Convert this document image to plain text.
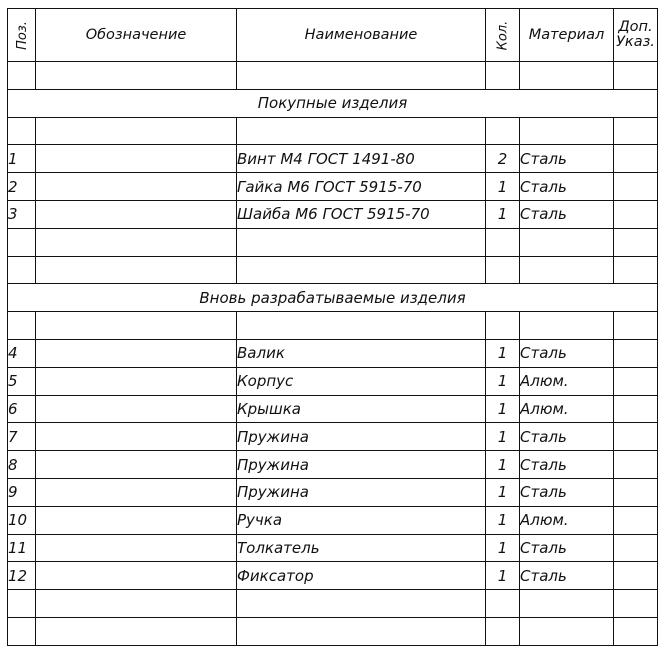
Поз.	Обозначение	Наименование	Кол.	Материал	Доп.
Указ.

Покупные изделия					

1		Винт М4 ГОСТ 1491-80	2	Сталь	
2		Гайка М6 ГОСТ 5915-70	1	Сталь	
3		Шайба М6 ГОСТ 5915-70	1	Сталь	

Вновь разрабатываемые изделия					

4		Валик	1	Сталь	
5		Корпус	1	Алюм.	
6		Крышка	1	Алюм.	
7		Пружина	1	Сталь	
8		Пружина	1	Сталь	
9		Пружина	1	Сталь	
10		Ручка	1	Алюм.	
11		Толкатель	1	Сталь	
12		Фиксатор	1	Сталь	
